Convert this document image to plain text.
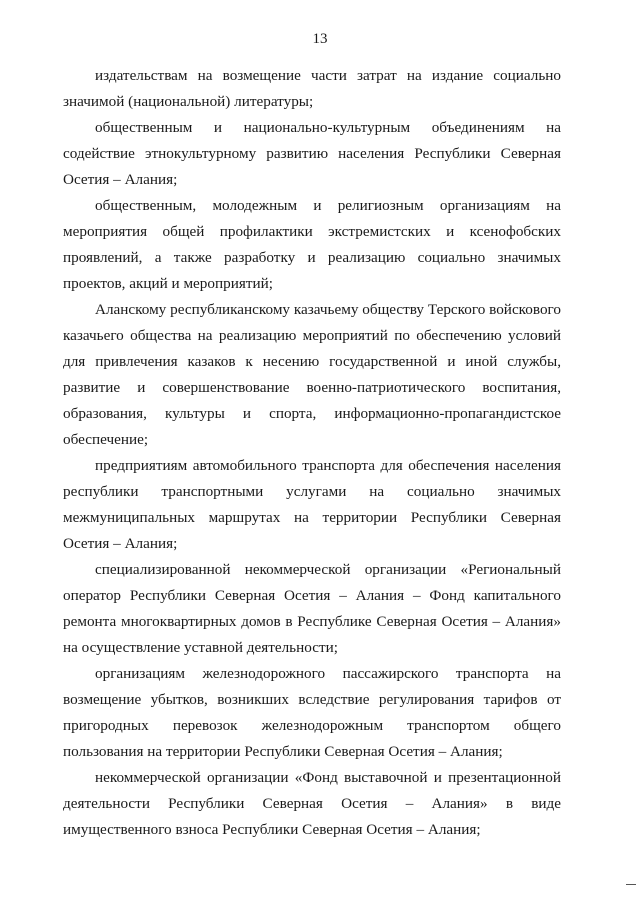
13

издательствам на возмещение части затрат на издание социально значимой (национальной) литературы;

общественным и национально-культурным объединениям на содействие этнокультурному развитию населения Республики Северная Осетия – Алания;

общественным, молодежным и религиозным организациям на мероприятия общей профилактики экстремистских и ксенофобских проявлений, а также разработку и реализацию социально значимых проектов, акций и мероприятий;

Аланскому республиканскому казачьему обществу Терского войскового казачьего общества на реализацию мероприятий по обеспечению условий для привлечения казаков к несению государственной и иной службы, развитие и совершенствование военно-патриотического воспитания, образования, культуры и спорта, информационно-пропагандистское обеспечение;

предприятиям автомобильного транспорта для обеспечения населения республики транспортными услугами на социально значимых межмуниципальных маршрутах на территории Республики Северная Осетия – Алания;

специализированной некоммерческой организации «Региональный оператор Республики Северная Осетия – Алания – Фонд капитального ремонта многоквартирных домов в Республике Северная Осетия – Алания» на осуществление уставной деятельности;

организациям железнодорожного пассажирского транспорта на возмещение убытков, возникших вследствие регулирования тарифов от пригородных перевозок железнодорожным транспортом общего пользования на территории Республики Северная Осетия – Алания;

некоммерческой организации «Фонд выставочной и презентационной деятельности Республики Северная Осетия – Алания» в виде имущественного взноса Республики Северная Осетия – Алания;
